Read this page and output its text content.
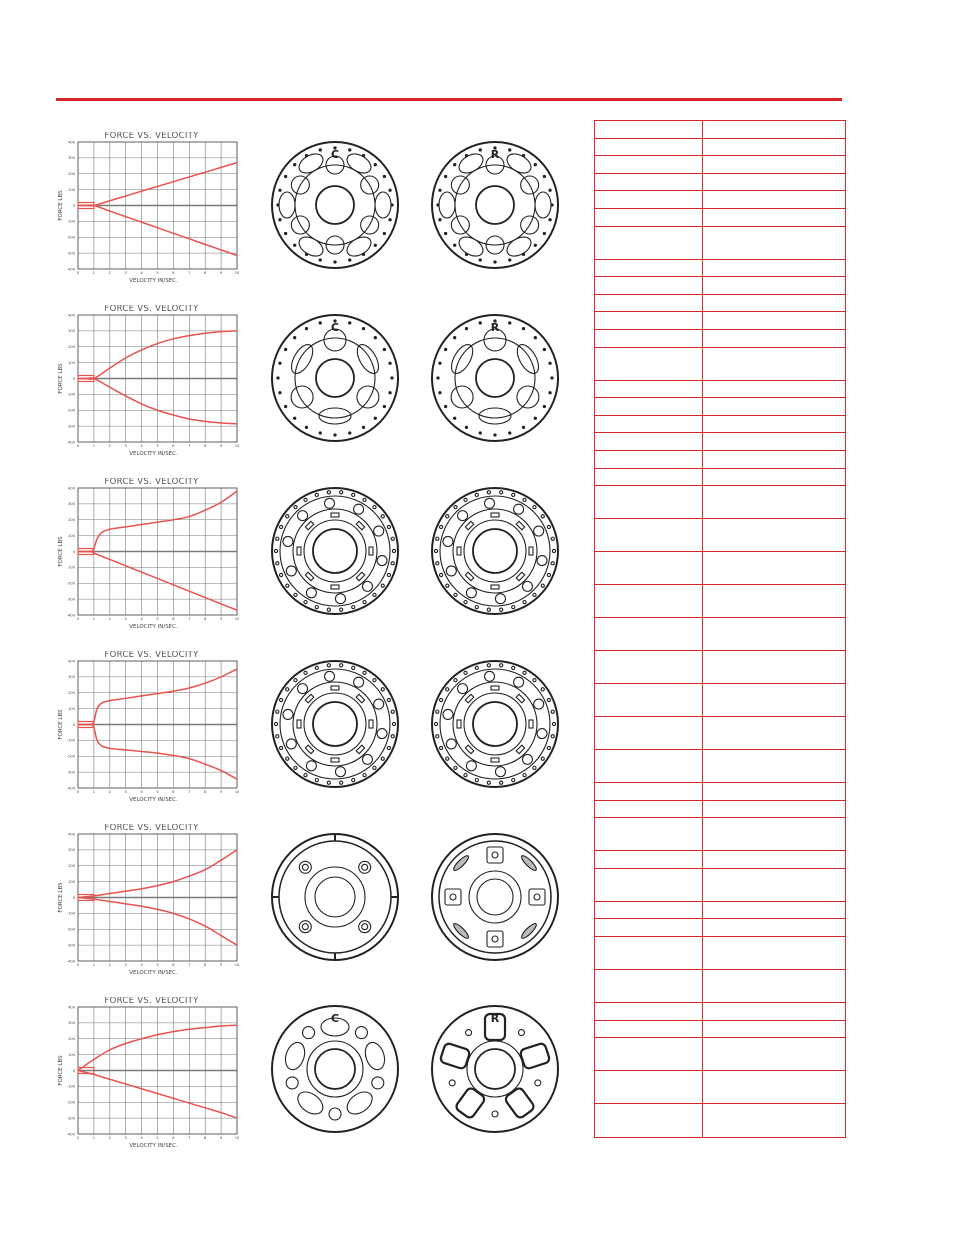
FORCE VS. VELOCITY
400
300
200
100
0
-100
-200
-300
-400
0	1	2	3	4	5	6	7	8	9	10
VELOCITY IN/SEC.
FORCE LBS
FORCE VS. VELOCITY
400
300
200
100
0
-100
-200
-300
-400
0	1	2	3	4	5	6	7	8	9	10
VELOCITY IN/SEC.
FORCE LBS
FORCE VS. VELOCITY
400
300
200
100
0
-100
-200
-300
-400
0	1	2	3	4	5	6	7	8	9	10
VELOCITY IN/SEC.
FORCE LBS
FORCE VS. VELOCITY
400
300
200
100
0
-100
-200
-300
-400
0	1	2	3	4	5	6	7	8	9	10
VELOCITY IN/SEC.
FORCE LBS
FORCE VS. VELOCITY
400
300
200
100
0
-100
-200
-300
-400
0	1	2	3	4	5	6	7	8	9	10
VELOCITY IN/SEC.
FORCE LBS
FORCE VS. VELOCITY
400
300
200
100
0
-100
-200
-300
-400
0	1	2	3	4	5	6	7	8	9	10
VELOCITY IN/SEC.
FORCE LBS
C	R
C	R
C	R
